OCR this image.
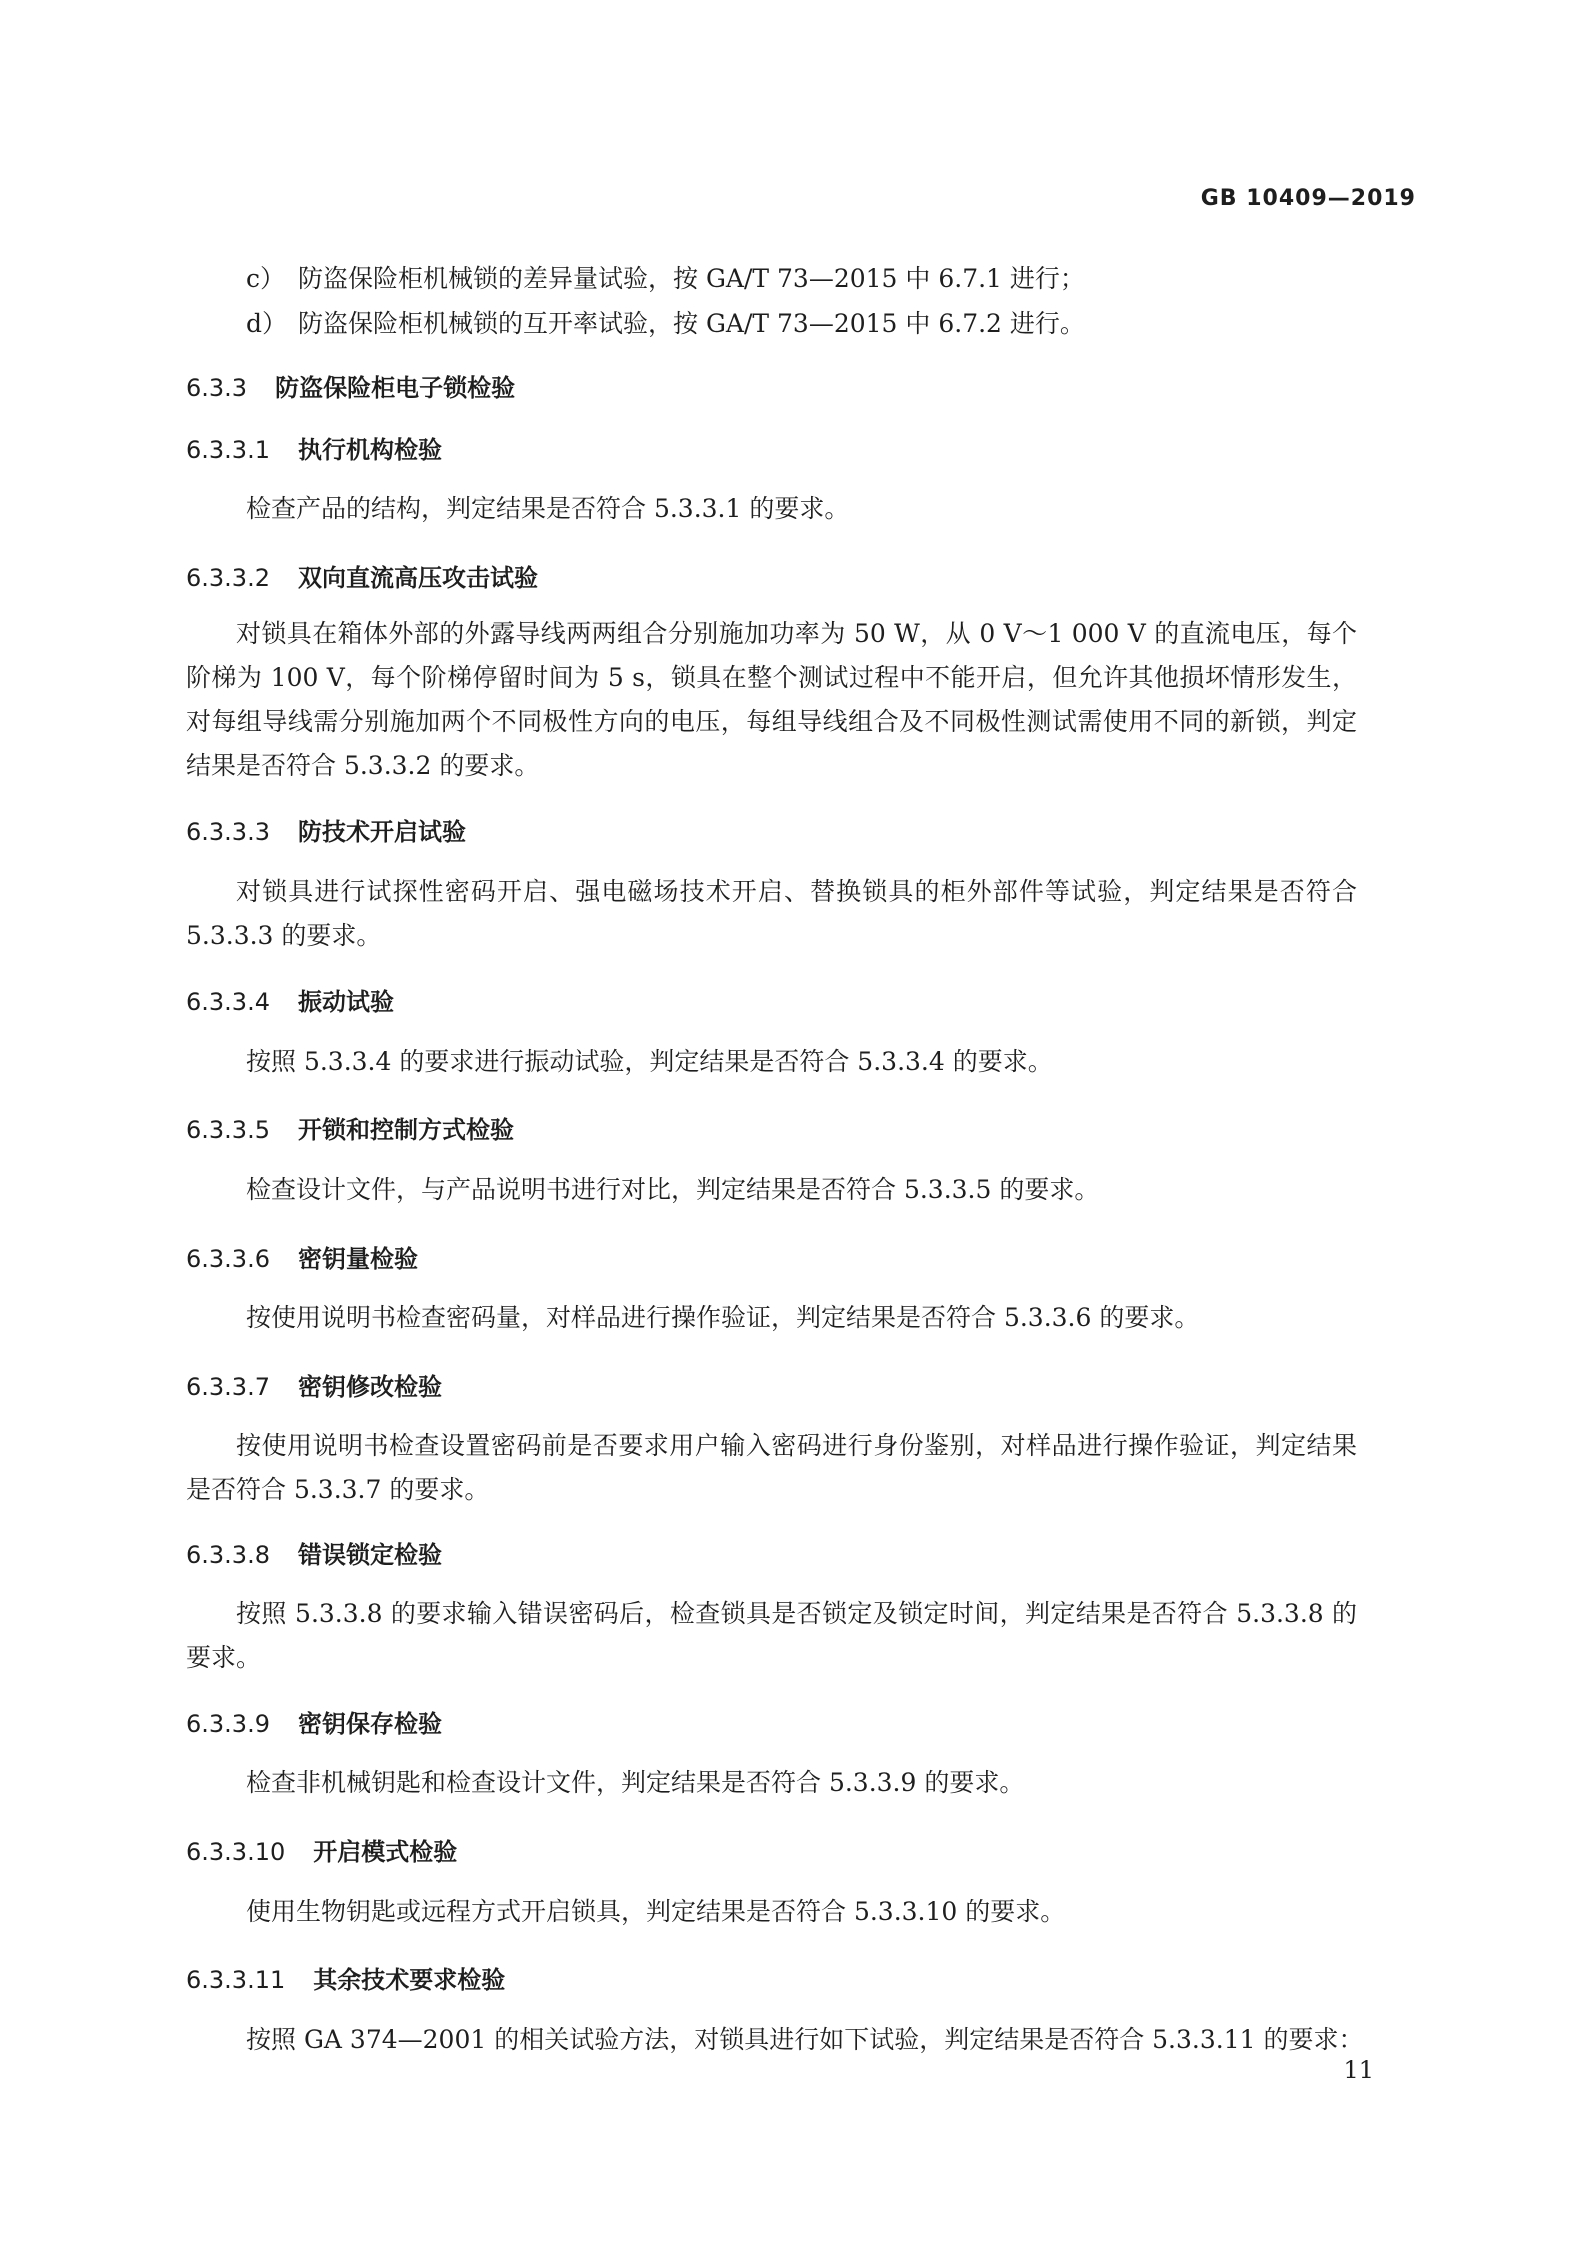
GB 10409—2019
c） 防盗保险柜机械锁的差异量试验，按 GA/T 73—2015 中 6.7.1 进行；
d） 防盗保险柜机械锁的互开率试验，按 GA/T 73—2015 中 6.7.2 进行。
6.3.3 防盗保险柜电子锁检验
6.3.3.1 执行机构检验
检查产品的结构，判定结果是否符合 5.3.3.1 的要求。
6.3.3.2 双向直流高压攻击试验
对锁具在箱体外部的外露导线两两组合分别施加功率为 50 W，从 0 V～1 000 V 的直流电压，每个阶梯为 100 V，每个阶梯停留时间为 5 s，锁具在整个测试过程中不能开启，但允许其他损坏情形发生，对每组导线需分别施加两个不同极性方向的电压，每组导线组合及不同极性测试需使用不同的新锁，判定结果是否符合 5.3.3.2 的要求。
6.3.3.3 防技术开启试验
对锁具进行试探性密码开启、强电磁场技术开启、替换锁具的柜外部件等试验，判定结果是否符合 5.3.3.3 的要求。
6.3.3.4 振动试验
按照 5.3.3.4 的要求进行振动试验，判定结果是否符合 5.3.3.4 的要求。
6.3.3.5 开锁和控制方式检验
检查设计文件，与产品说明书进行对比，判定结果是否符合 5.3.3.5 的要求。
6.3.3.6 密钥量检验
按使用说明书检查密码量，对样品进行操作验证，判定结果是否符合 5.3.3.6 的要求。
6.3.3.7 密钥修改检验
按使用说明书检查设置密码前是否要求用户输入密码进行身份鉴别，对样品进行操作验证，判定结果是否符合 5.3.3.7 的要求。
6.3.3.8 错误锁定检验
按照 5.3.3.8 的要求输入错误密码后，检查锁具是否锁定及锁定时间，判定结果是否符合 5.3.3.8 的要求。
6.3.3.9 密钥保存检验
检查非机械钥匙和检查设计文件，判定结果是否符合 5.3.3.9 的要求。
6.3.3.10 开启模式检验
使用生物钥匙或远程方式开启锁具，判定结果是否符合 5.3.3.10 的要求。
6.3.3.11 其余技术要求检验
按照 GA 374—2001 的相关试验方法，对锁具进行如下试验，判定结果是否符合 5.3.3.11 的要求：
11
